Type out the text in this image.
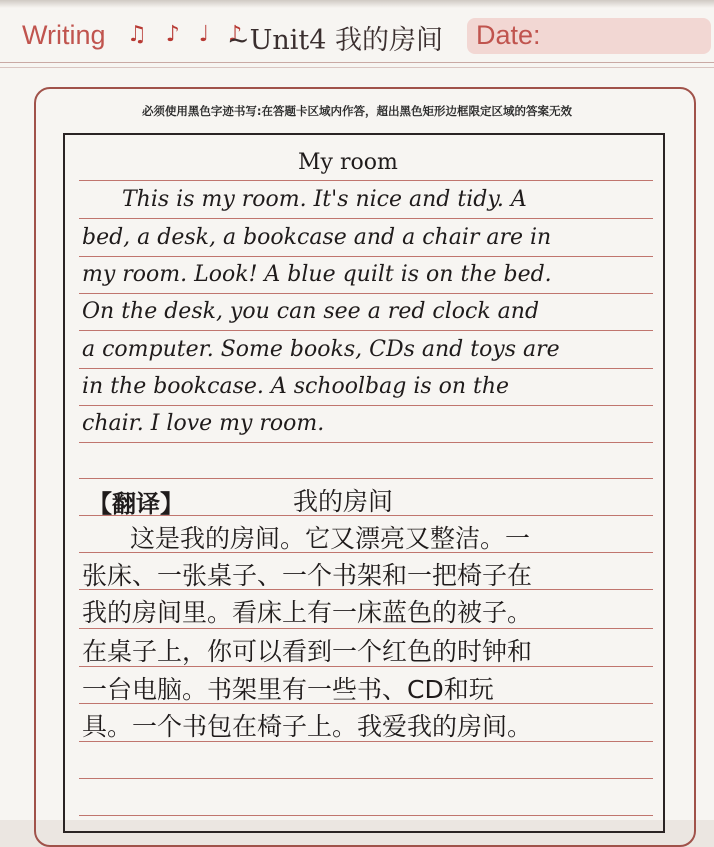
Writing ♫ ♪ ♩ ♪
~Unit4 我的房间 Date:
必须使用黑色字迹书写:在答题卡区域内作答，超出黑色矩形边框限定区域的答案无效
My room
This is my room. It's nice and tidy. A
bed, a desk, a bookcase and a chair are in
my room. Look! A blue quilt is on the bed.
On the desk, you can see a red clock and
a computer. Some books, CDs and toys are
in the bookcase. A schoolbag is on the
chair. I love my room.
【翻译】	我的房间
这是我的房间。它又漂亮又整洁。一
张床、一张桌子、一个书架和一把椅子在
我的房间里。看床上有一床蓝色的被子。
在桌子上，你可以看到一个红色的时钟和
一台电脑。书架里有一些书、CD和玩
具。一个书包在椅子上。我爱我的房间。
